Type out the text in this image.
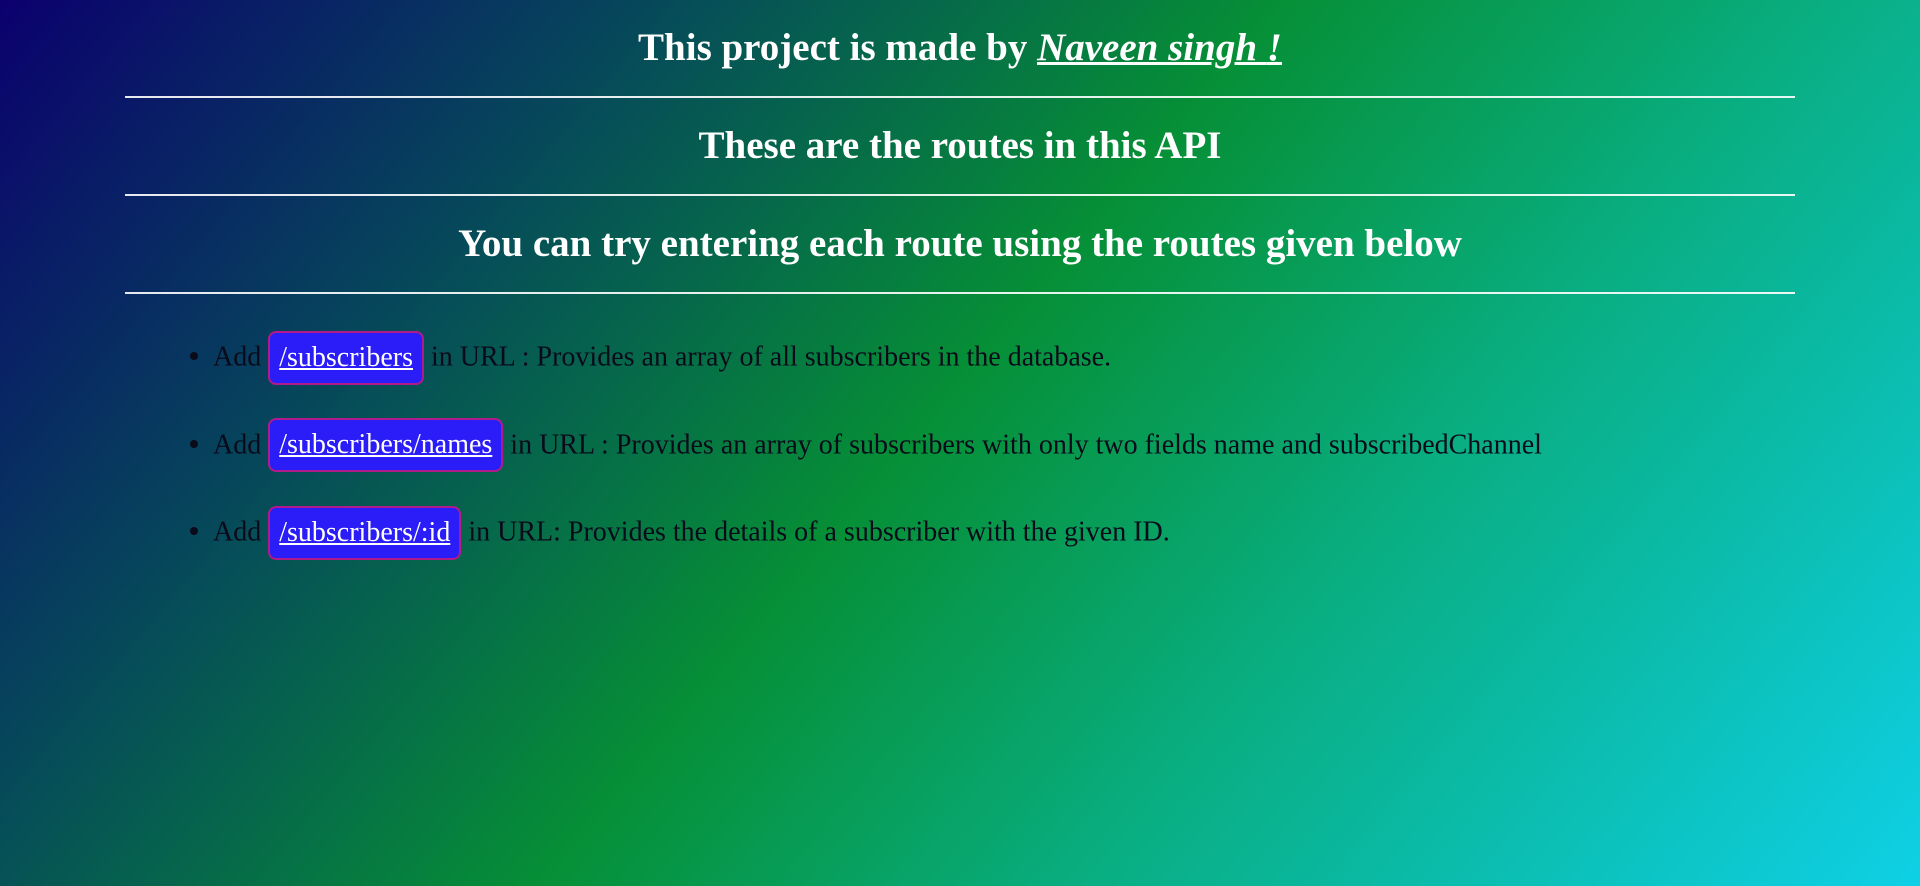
This project is made by Naveen singh !
These are the routes in this API
You can try entering each route using the routes given below
• Add /subscribers in URL : Provides an array of all subscribers in the database.
• Add /subscribers/names in URL : Provides an array of subscribers with only two fields name and subscribedChannel
• Add /subscribers/:id in URL: Provides the details of a subscriber with the given ID.
